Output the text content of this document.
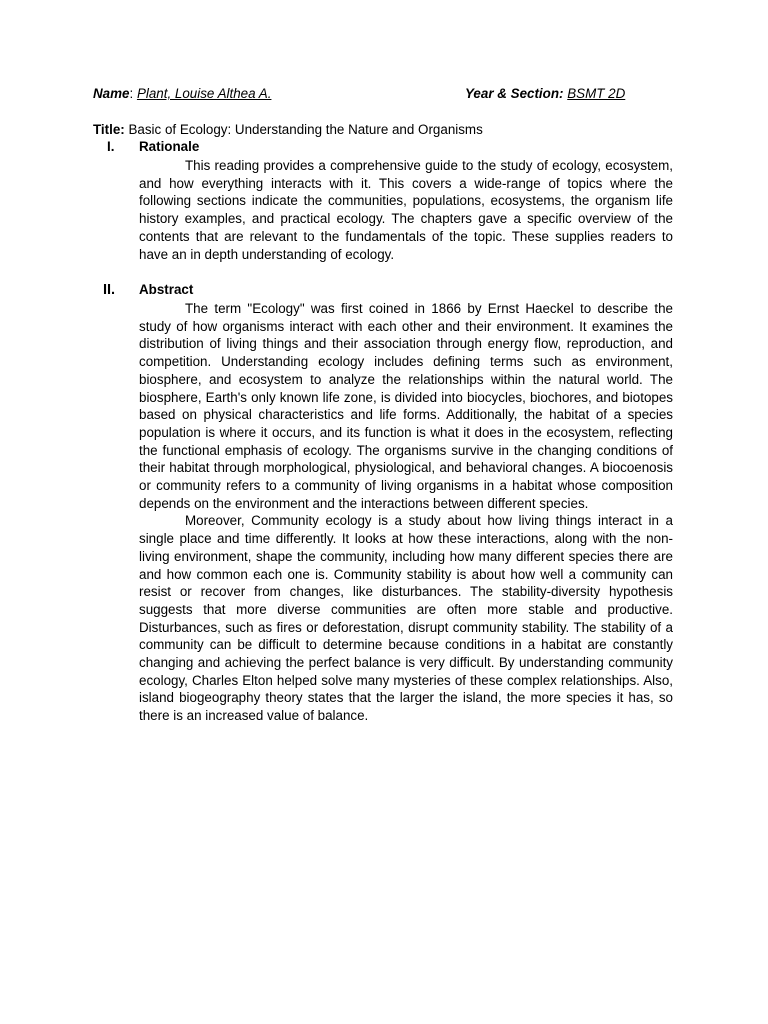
Name: Plant, Louise Althea A.	Year & Section: BSMT 2D
Title: Basic of Ecology: Understanding the Nature and Organisms
I. Rationale

This reading provides a comprehensive guide to the study of ecology, ecosystem, and how everything interacts with it. This covers a wide-range of topics where the following sections indicate the communities, populations, ecosystems, the organism life history examples, and practical ecology. The chapters gave a specific overview of the contents that are relevant to the fundamentals of the topic. These supplies readers to have an in depth understanding of ecology.

II. Abstract

The term "Ecology" was first coined in 1866 by Ernst Haeckel to describe the study of how organisms interact with each other and their environment. It examines the distribution of living things and their association through energy flow, reproduction, and competition. Understanding ecology includes defining terms such as environment, biosphere, and ecosystem to analyze the relationships within the natural world. The biosphere, Earth's only known life zone, is divided into biocycles, biochores, and biotopes based on physical characteristics and life forms. Additionally, the habitat of a species population is where it occurs, and its function is what it does in the ecosystem, reflecting the functional emphasis of ecology. The organisms survive in the changing conditions of their habitat through morphological, physiological, and behavioral changes. A biocoenosis or community refers to a community of living organisms in a habitat whose composition depends on the environment and the interactions between different species.

Moreover, Community ecology is a study about how living things interact in a single place and time differently. It looks at how these interactions, along with the non-living environment, shape the community, including how many different species there are and how common each one is. Community stability is about how well a community can resist or recover from changes, like disturbances. The stability-diversity hypothesis suggests that more diverse communities are often more stable and productive. Disturbances, such as fires or deforestation, disrupt community stability. The stability of a community can be difficult to determine because conditions in a habitat are constantly changing and achieving the perfect balance is very difficult. By understanding community ecology, Charles Elton helped solve many mysteries of these complex relationships. Also, island biogeography theory states that the larger the island, the more species it has, so there is an increased value of balance.
